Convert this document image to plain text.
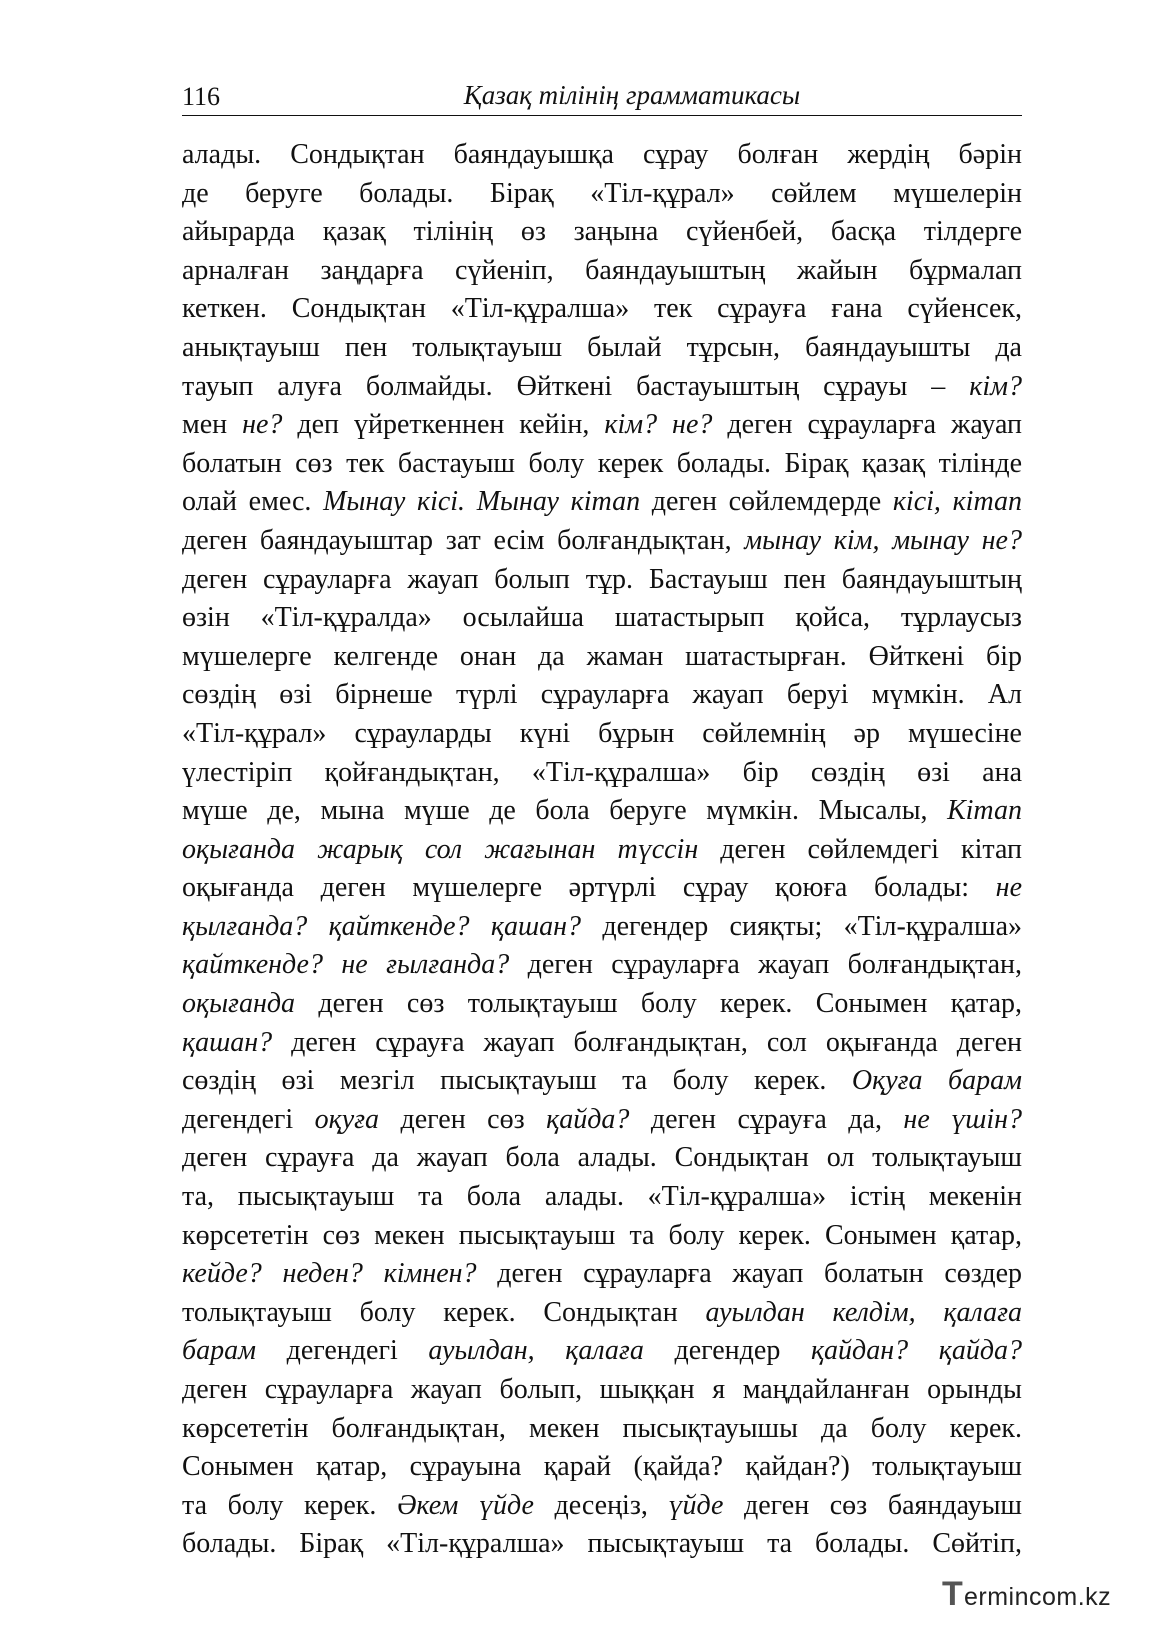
116	Қазақ тілінің грамматикасы
алады. Сондықтан баяндауышқа сұрау болған жердің бәрін
де беруге болады. Бірақ «Тіл-құрал» сөйлем мүшелерін
айырарда қазақ тілінің өз заңына сүйенбей, басқа тілдерге
арналған заңдарға сүйеніп, баяндауыштың жайын бұрмалап
кеткен. Сондықтан «Тіл-құралша» тек сұрауға ғана сүйенсек,
анықтауыш пен толықтауыш былай тұрсын, баяндауышты да
тауып алуға болмайды. Өйткені бастауыштың сұрауы – кім?
мен не? деп үйреткеннен кейін, кім? не? деген сұрауларға жауап
болатын сөз тек бастауыш болу керек болады. Бірақ қазақ тілінде
олай емес. Мынау кісі. Мынау кітап деген сөйлемдерде кісі, кітап
деген баяндауыштар зат есім болғандықтан, мынау кім, мынау не?
деген сұрауларға жауап болып тұр. Бастауыш пен баяндауыштың
өзін «Тіл-құралда» осылайша шатастырып қойса, тұрлаусыз
мүшелерге келгенде онан да жаман шатастырған. Өйткені бір
сөздің өзі бірнеше түрлі сұрауларға жауап беруі мүмкін. Ал
«Тіл-құрал» сұрауларды күні бұрын сөйлемнің әр мүшесіне
үлестіріп қойғандықтан, «Тіл-құралша» бір сөздің өзі ана
мүше де, мына мүше де бола беруге мүмкін. Мысалы, Кітап
оқығанда жарық сол жағынан түссін деген сөйлемдегі кітап
оқығанда деген мүшелерге әртүрлі сұрау қоюға болады: не
қылғанда? қайткенде? қашан? дегендер сияқты; «Тіл-құралша»
қайткенде? не ғылғанда? деген сұрауларға жауап болғандықтан,
оқығанда деген сөз толықтауыш болу керек. Сонымен қатар,
қашан? деген сұрауға жауап болғандықтан, сол оқығанда деген
сөздің өзі мезгіл пысықтауыш та болу керек. Оқуға барам
дегендегі оқуға деген сөз қайда? деген сұрауға да, не үшін?
деген сұрауға да жауап бола алады. Сондықтан ол толықтауыш
та, пысықтауыш та бола алады. «Тіл-құралша» істің мекенін
көрсететін сөз мекен пысықтауыш та болу керек. Сонымен қатар,
кейде? неден? кімнен? деген сұрауларға жауап болатын сөздер
толықтауыш болу керек. Сондықтан ауылдан келдім, қалаға
барам дегендегі ауылдан, қалаға дегендер қайдан? қайда?
деген сұрауларға жауап болып, шыққан я маңдайланған орынды
көрсететін болғандықтан, мекен пысықтауышы да болу керек.
Сонымен қатар, сұрауына қарай (қайда? қайдан?) толықтауыш
та болу керек. Әкем үйде десеңіз, үйде деген сөз баяндауыш
болады. Бірақ «Тіл-құралша» пысықтауыш та болады. Сөйтіп,
T ermincom.kz
